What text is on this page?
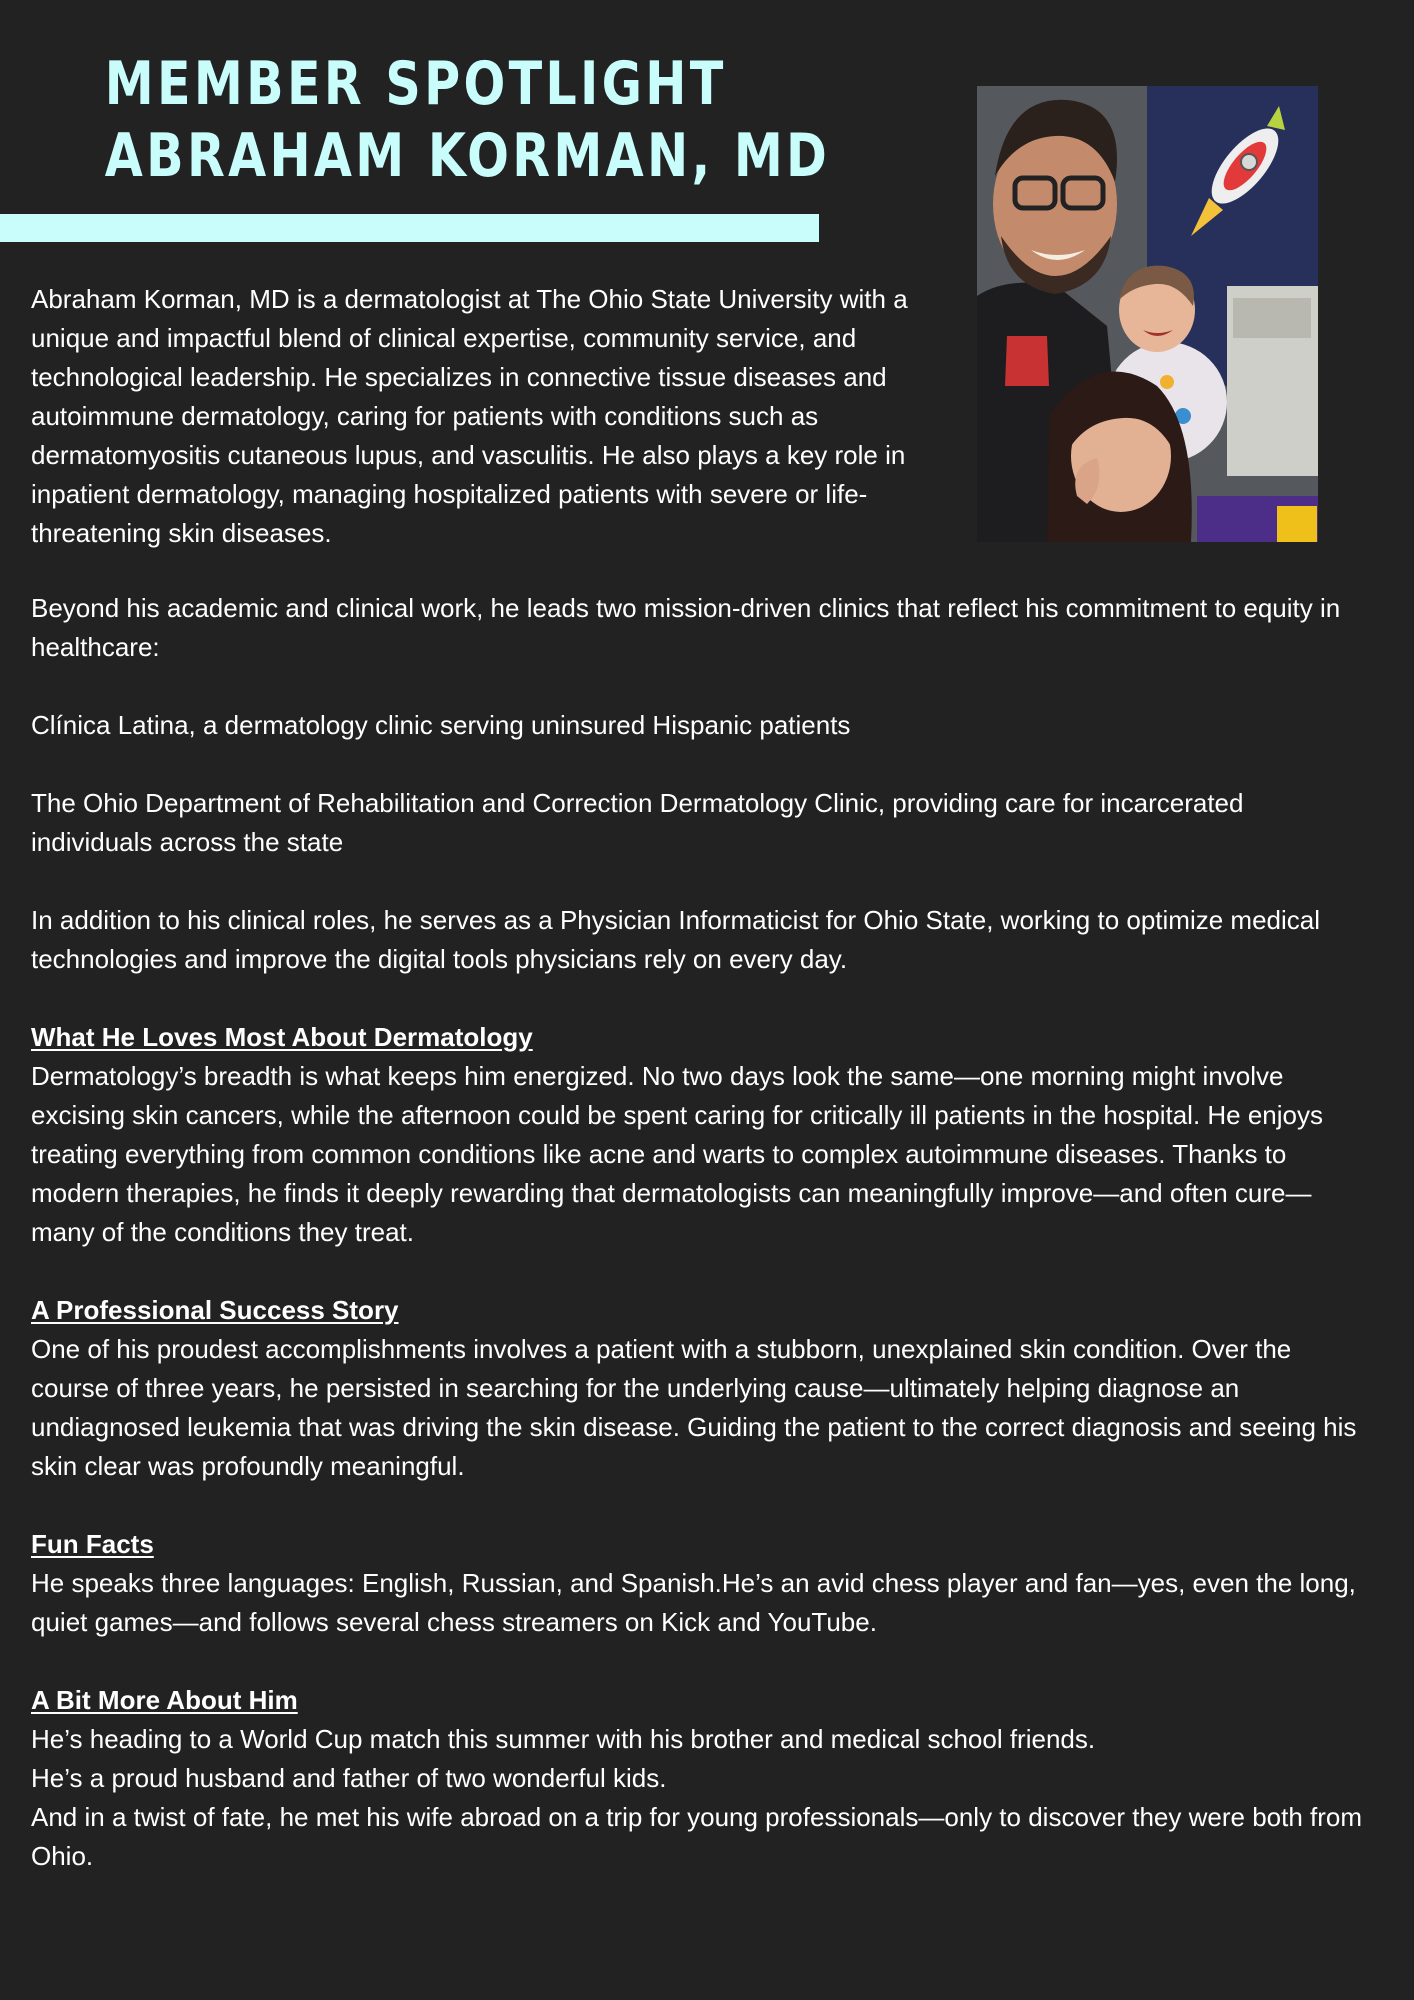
MEMBER SPOTLIGHT
ABRAHAM KORMAN, MD

Abraham Korman, MD is a dermatologist at The Ohio State University with a unique and impactful blend of clinical expertise, community service, and technological leadership. He specializes in connective tissue diseases and autoimmune dermatology, caring for patients with conditions such as dermatomyositis cutaneous lupus, and vasculitis. He also plays a key role in inpatient dermatology, managing hospitalized patients with severe or life-threatening skin diseases.

Beyond his academic and clinical work, he leads two mission-driven clinics that reflect his commitment to equity in healthcare:

Clínica Latina, a dermatology clinic serving uninsured Hispanic patients

The Ohio Department of Rehabilitation and Correction Dermatology Clinic, providing care for incarcerated individuals across the state

In addition to his clinical roles, he serves as a Physician Informaticist for Ohio State, working to optimize medical technologies and improve the digital tools physicians rely on every day.

What He Loves Most About Dermatology

Dermatology’s breadth is what keeps him energized. No two days look the same—one morning might involve excising skin cancers, while the afternoon could be spent caring for critically ill patients in the hospital. He enjoys treating everything from common conditions like acne and warts to complex autoimmune diseases. Thanks to modern therapies, he finds it deeply rewarding that dermatologists can meaningfully improve—and often cure—many of the conditions they treat.

A Professional Success Story

One of his proudest accomplishments involves a patient with a stubborn, unexplained skin condition. Over the course of three years, he persisted in searching for the underlying cause—ultimately helping diagnose an undiagnosed leukemia that was driving the skin disease. Guiding the patient to the correct diagnosis and seeing his skin clear was profoundly meaningful.

Fun Facts

He speaks three languages: English, Russian, and Spanish.He’s an avid chess player and fan—yes, even the long, quiet games—and follows several chess streamers on Kick and YouTube.

A Bit More About Him

He’s heading to a World Cup match this summer with his brother and medical school friends.

He’s a proud husband and father of two wonderful kids.

And in a twist of fate, he met his wife abroad on a trip for young professionals—only to discover they were both from Ohio.
